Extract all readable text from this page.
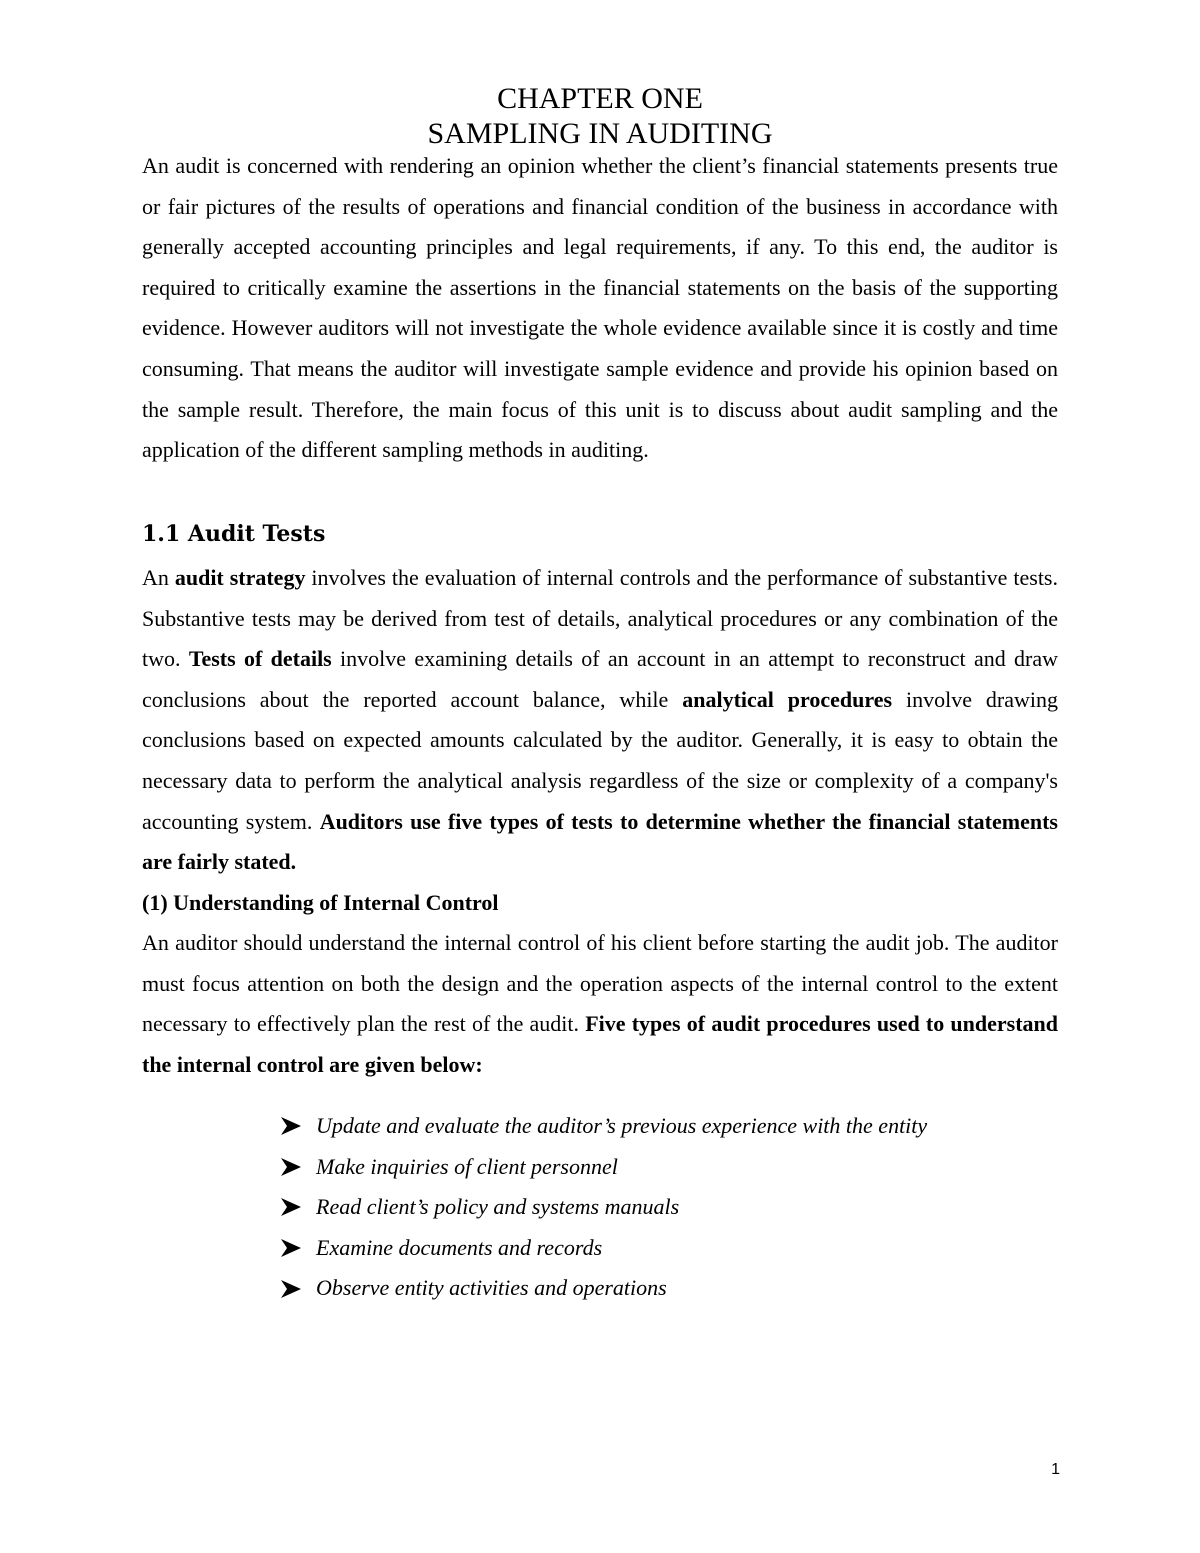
CHAPTER ONE
SAMPLING IN AUDITING

An audit is concerned with rendering an opinion whether the client’s financial statements presents true or fair pictures of the results of operations and financial condition of the business in accordance with generally accepted accounting principles and legal requirements, if any. To this end, the auditor is required to critically examine the assertions in the financial statements on the basis of the supporting evidence. However auditors will not investigate the whole evidence available since it is costly and time consuming. That means the auditor will investigate sample evidence and provide his opinion based on the sample result. Therefore, the main focus of this unit is to discuss about audit sampling and the application of the different sampling methods in auditing.

1.1 Audit Tests

An audit strategy involves the evaluation of internal controls and the performance of substantive tests. Substantive tests may be derived from test of details, analytical procedures or any combination of the two. Tests of details involve examining details of an account in an attempt to reconstruct and draw conclusions about the reported account balance, while analytical procedures involve drawing conclusions based on expected amounts calculated by the auditor. Generally, it is easy to obtain the necessary data to perform the analytical analysis regardless of the size or complexity of a company's accounting system. Auditors use five types of tests to determine whether the financial statements are fairly stated.

(1) Understanding of Internal Control

An auditor should understand the internal control of his client before starting the audit job. The auditor must focus attention on both the design and the operation aspects of the internal control to the extent necessary to effectively plan the rest of the audit. Five types of audit procedures used to understand the internal control are given below:

Update and evaluate the auditor’s previous experience with the entity
Make inquiries of client personnel
Read client’s policy and systems manuals
Examine documents and records
Observe entity activities and operations
1
